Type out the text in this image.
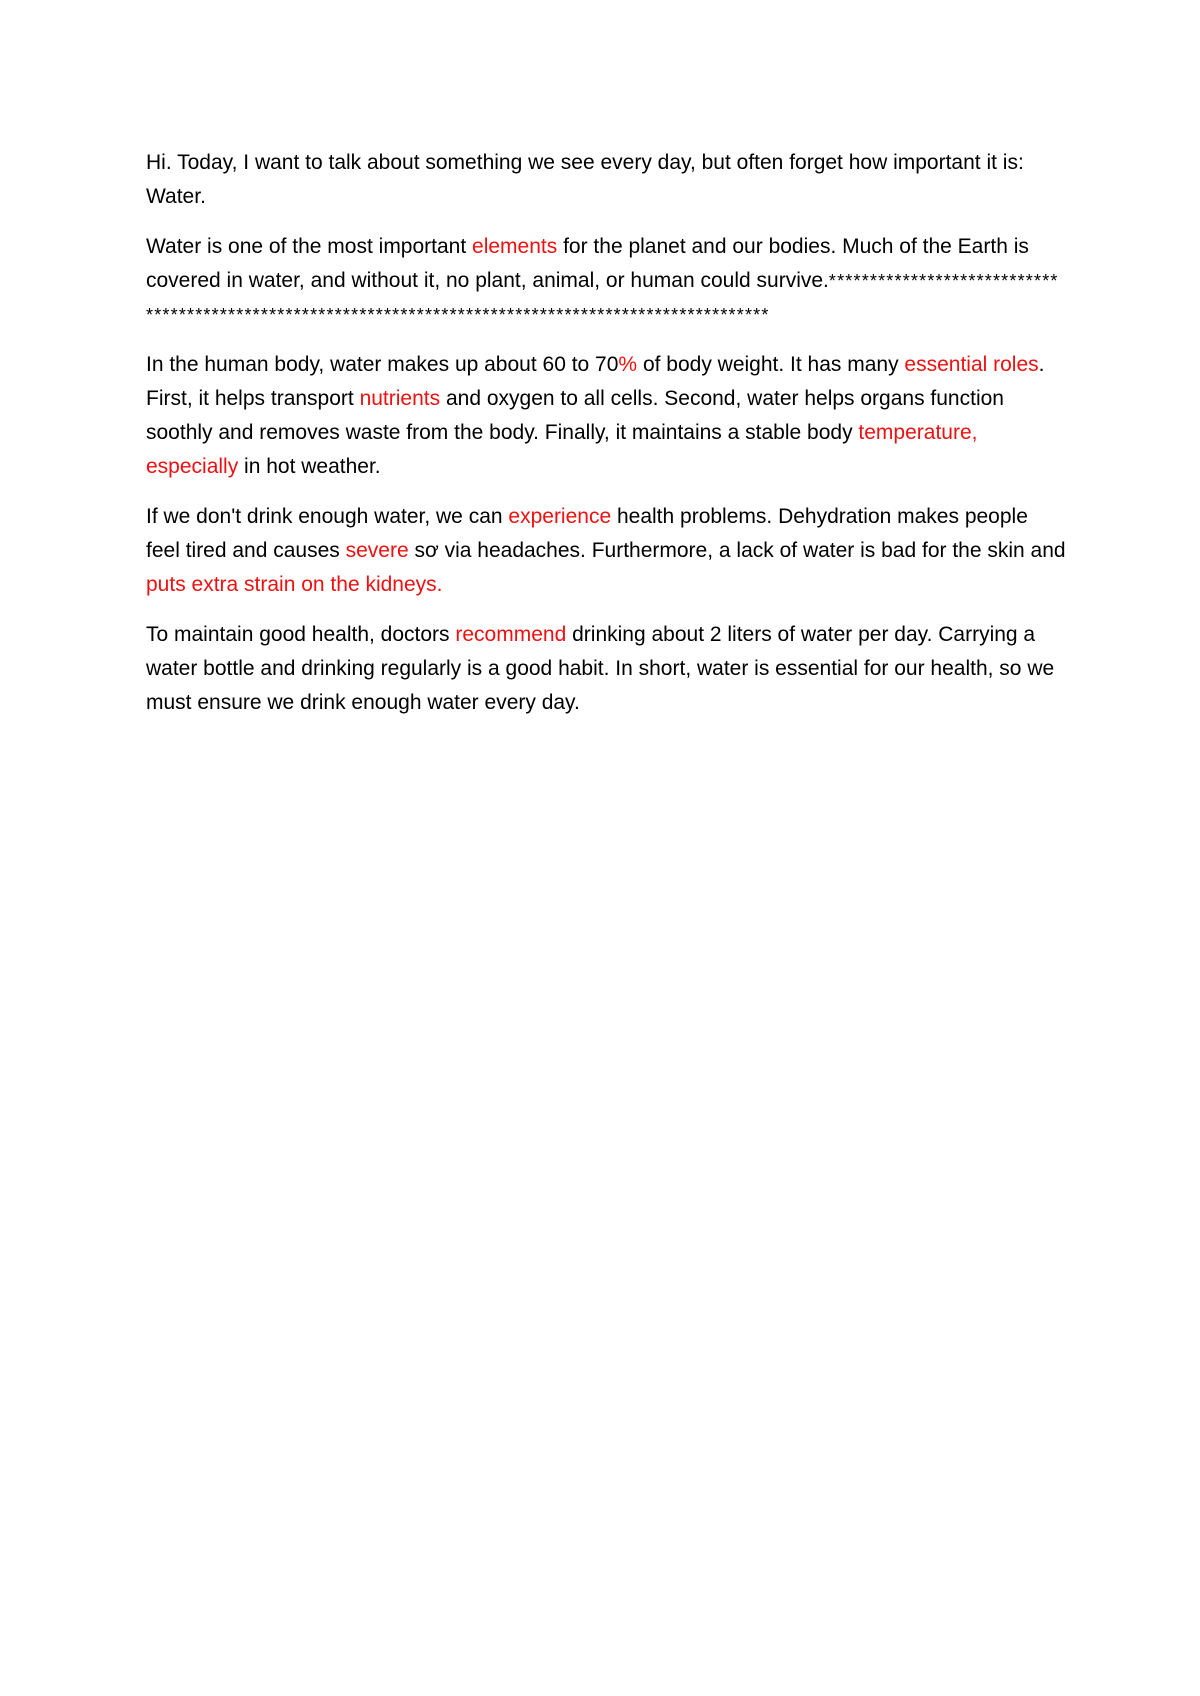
Hi. Today, I want to talk about something we see every day, but often forget how important it is: Water.

Water is one of the most important elements for the planet and our bodies. Much of the Earth is covered in water, and without it, no plant, animal, or human could survive.********************************************************************************************************

In the human body, water makes up about 60 to 70% of body weight. It has many essential roles. First, it helps transport nutrients and oxygen to all cells. Second, water helps organs function soothly and removes waste from the body. Finally, it maintains a stable body temperature, especially in hot weather.

If we don't drink enough water, we can experience health problems. Dehydration makes people feel tired and causes severe sơ via headaches. Furthermore, a lack of water is bad for the skin and puts extra strain on the kidneys.

To maintain good health, doctors recommend drinking about 2 liters of water per day. Carrying a water bottle and drinking regularly is a good habit. In short, water is essential for our health, so we must ensure we drink enough water every day.
